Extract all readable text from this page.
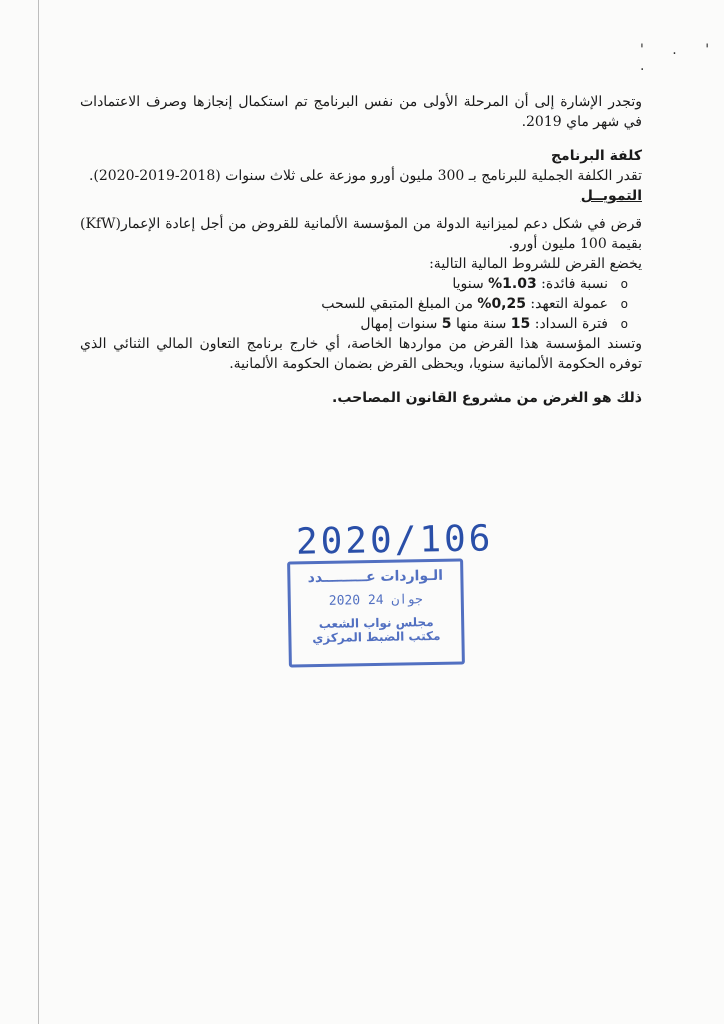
' . ' .

وتجدر الإشارة إلى أن المرحلة الأولى من نفس البرنامج تم استكمال إنجازها وصرف الاعتمادات في شهر ماي 2019.

كلفة البرنامج

تقدر الكلفة الجملية للبرنامج بـ 300 مليون أورو موزعة على ثلاث سنوات (2018-2019-2020).

التمويــل

قرض في شكل دعم لميزانية الدولة من المؤسسة الألمانية للقروض من أجل إعادة الإعمار(KfW) بقيمة 100 مليون أورو.

يخضع القرض للشروط المالية التالية:

o
نسبة فائدة: 1.03% سنويا
o
عمولة التعهد: 0,25% من المبلغ المتبقي للسحب
o
فترة السداد: 15 سنة منها 5 سنوات إمهال

وتسند المؤسسة هذا القرض من مواردها الخاصة، أي خارج برنامج التعاون المالي الثنائي الذي توفره الحكومة الألمانية سنويا، ويحظى القرض بضمان الحكومة الألمانية.

ذلك هو الغرض من مشروع القانون المصاحب.

2020/106
الـواردات عـــــــــدد
2020 جوان 24
مجلس نواب الشعب
مكتب الضبط المركزي
